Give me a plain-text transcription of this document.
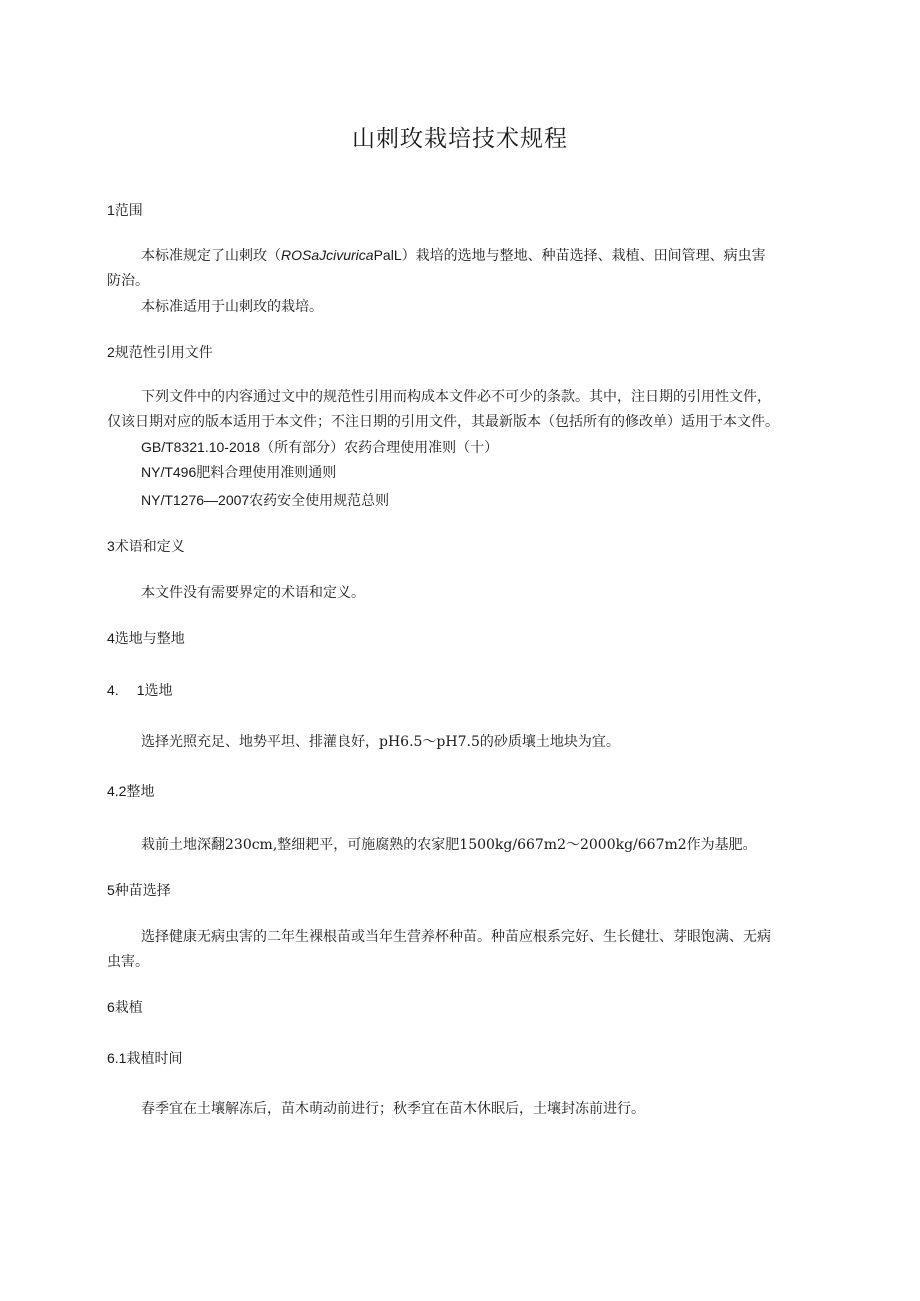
山刺玫栽培技术规程
1范围
本标准规定了山刺玫（ROSaJcivuricaPalL）栽培的选地与整地、种苗选择、栽植、田间管理、病虫害
防治。
本标准适用于山刺玫的栽培。
2规范性引用文件
下列文件中的内容通过文中的规范性引用而构成本文件必不可少的条款。其中，注日期的引用性文件，
仅该日期对应的版本适用于本文件；不注日期的引用文件，其最新版本（包括所有的修改单）适用于本文件。
GB/T8321.10-2018（所有部分）农药合理使用准则（十）
NY/T496肥料合理使用准则通则
NY/T1276—2007农药安全使用规范总则
3术语和定义
本文件没有需要界定的术语和定义。
4选地与整地
4. 1选地
选择光照充足、地势平坦、排灌良好，pH6.5～pH7.5的砂质壤土地块为宜。
4.2整地
栽前土地深翻230cm,整细耙平，可施腐熟的农家肥1500kg/667m2～2000kg/667m2作为基肥。
5种苗选择
选择健康无病虫害的二年生裸根苗或当年生营养杯种苗。种苗应根系完好、生长健壮、芽眼饱满、无病
虫害。
6栽植
6.1栽植时间
春季宜在土壤解冻后，苗木萌动前进行；秋季宜在苗木休眠后，土壤封冻前进行。
